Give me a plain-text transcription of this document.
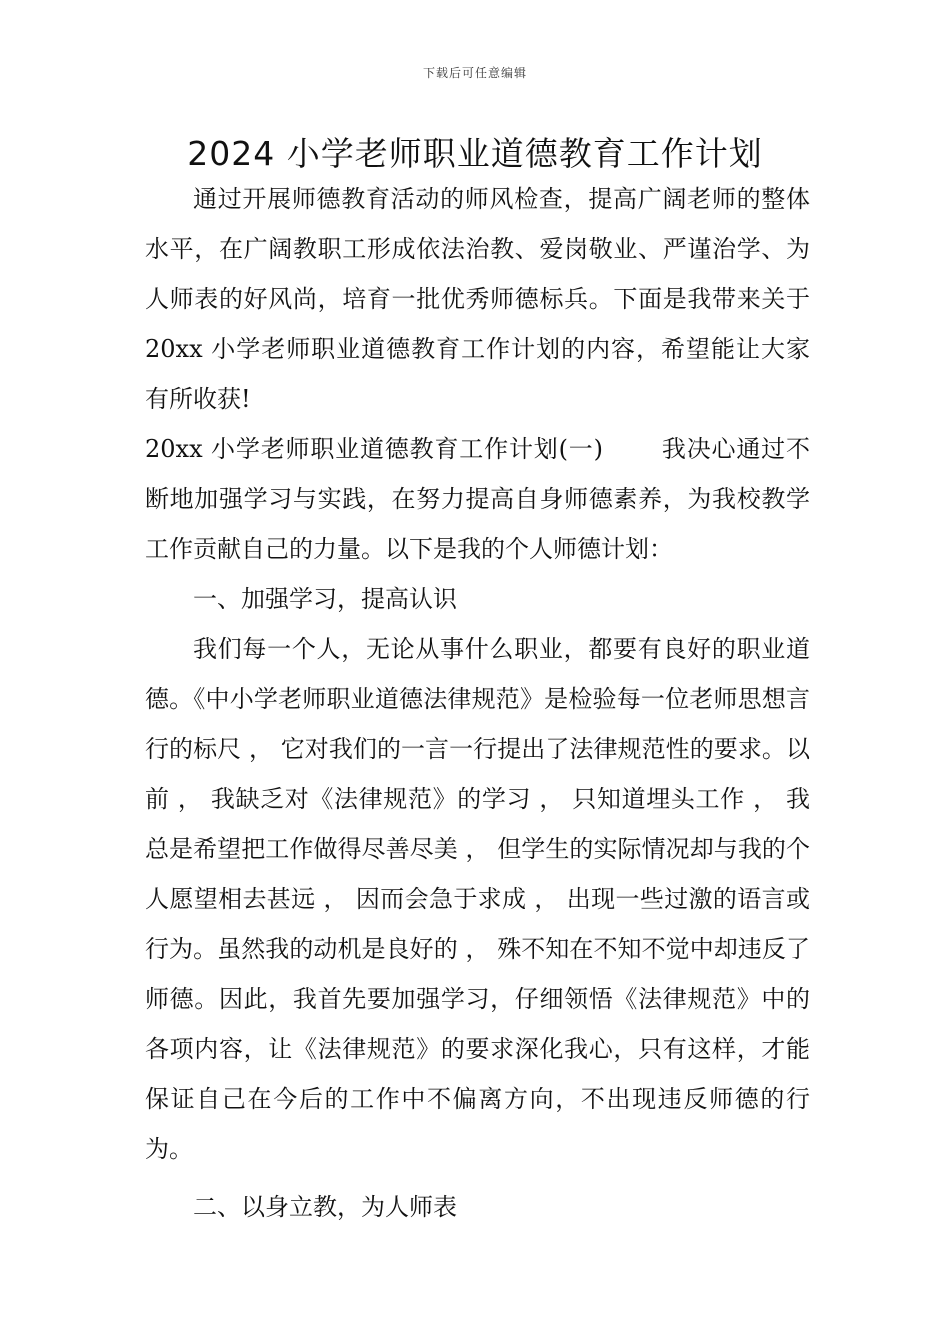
下载后可任意编辑
2024 小学老师职业道德教育工作计划

通过开展师德教育活动的师风检查，提高广阔老师的整体水平，在广阔教职工形成依法治教、爱岗敬业、严谨治学、为人师表的好风尚，培育一批优秀师德标兵。下面是我带来关于 20xx 小学老师职业道德教育工作计划的内容，希望能让大家有所收获!

20xx 小学老师职业道德教育工作计划(一)　　 我决心通过不断地加强学习与实践，在努力提高自身师德素养，为我校教学工作贡献自己的力量。以下是我的个人师德计划：

一、加强学习，提高认识

我们每一个人，无论从事什么职业，都要有良好的职业道德。《中小学老师职业道德法律规范》是检验每一位老师思想言行的标尺 ， 它对我们的一言一行提出了法律规范性的要求。以前 ， 我缺乏对《法律规范》的学习 ， 只知道埋头工作 ， 我总是希望把工作做得尽善尽美 ， 但学生的实际情况却与我的个人愿望相去甚远 ， 因而会急于求成 ， 出现一些过激的语言或行为。虽然我的动机是良好的 ， 殊不知在不知不觉中却违反了师德。因此，我首先要加强学习，仔细领悟《法律规范》中的各项内容，让《法律规范》的要求深化我心，只有这样，才能保证自己在今后的工作中不偏离方向，不出现违反师德的行为。

二、以身立教，为人师表
